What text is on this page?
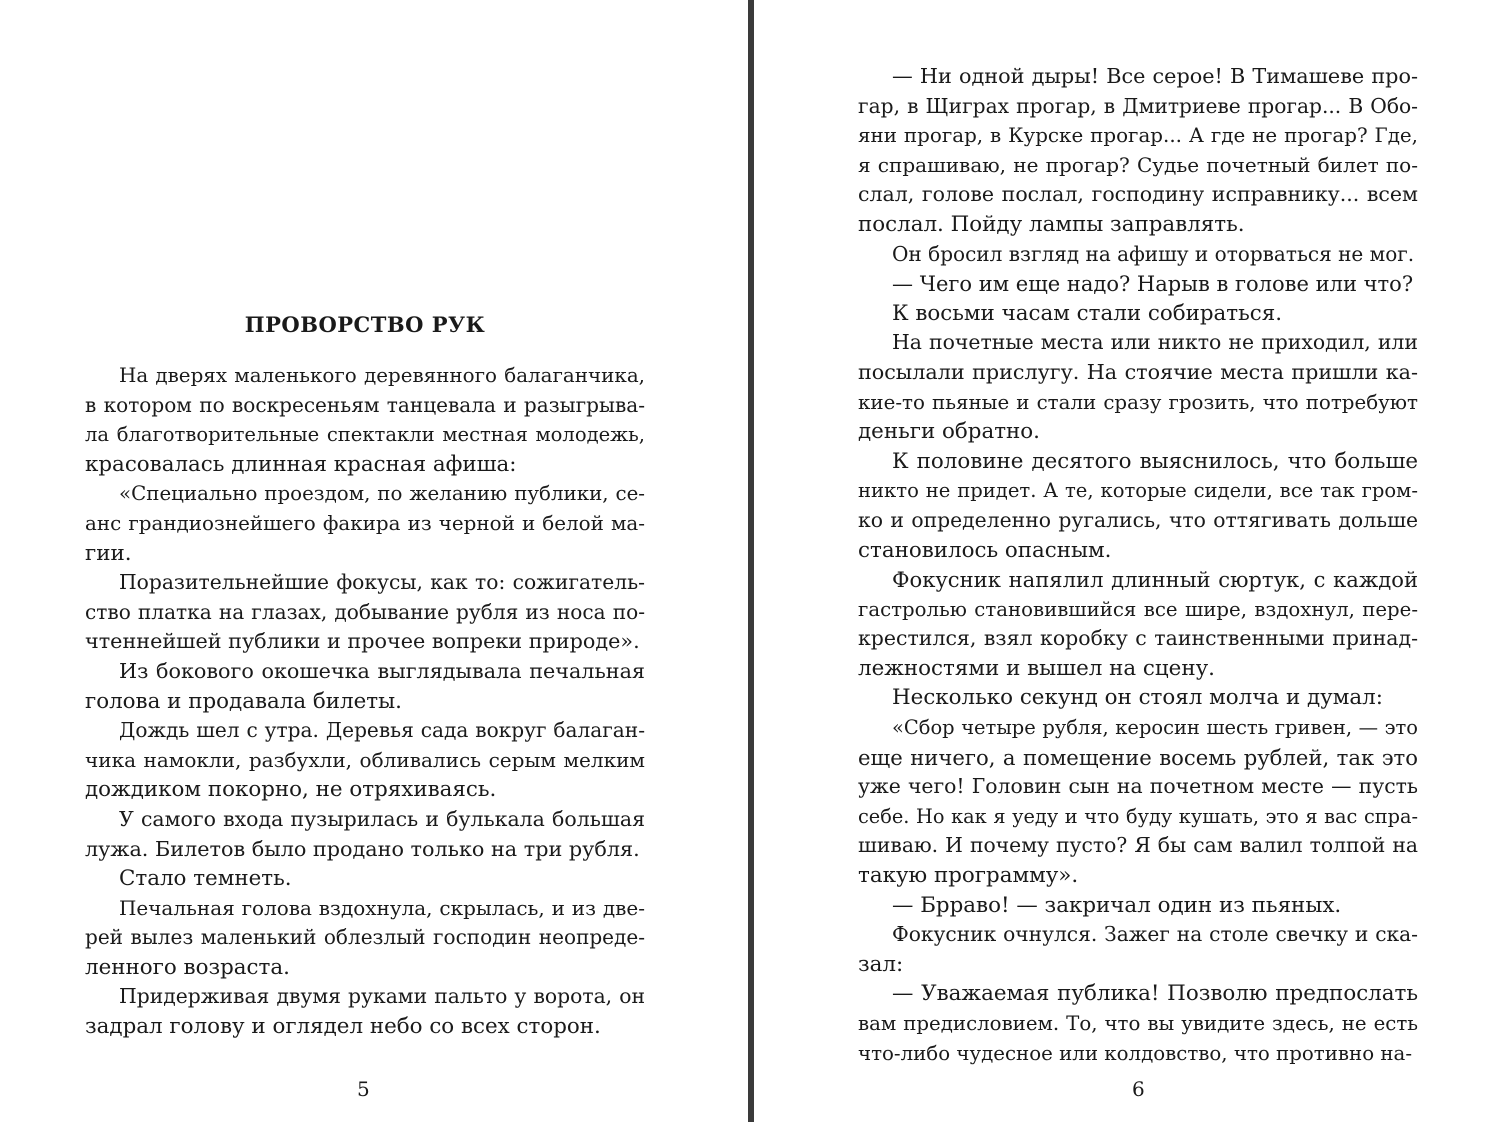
ПРОВОРСТВО РУК
На дверях маленького деревянного балаганчика,
в котором по воскресеньям танцевала и разыгрыва-
ла благотворительные спектакли местная молодежь,
красовалась длинная красная афиша:
«Специально проездом, по желанию публики, се-
анс грандиознейшего факира из черной и белой ма-
гии.
Поразительнейшие фокусы, как то: сожигатель-
ство платка на глазах, добывание рубля из носа по-
чтеннейшей публики и прочее вопреки природе».
Из бокового окошечка выглядывала печальная
голова и продавала билеты.
Дождь шел с утра. Деревья сада вокруг балаган-
чика намокли, разбухли, обливались серым мелким
дождиком покорно, не отряхиваясь.
У самого входа пузырилась и булькала большая
лужа. Билетов было продано только на три рубля.
Стало темнеть.
Печальная голова вздохнула, скрылась, и из две-
рей вылез маленький облезлый господин неопреде-
ленного возраста.
Придерживая двумя руками пальто у ворота, он
задрал голову и оглядел небо со всех сторон.
5
— Ни одной дыры! Все серое! В Тимашеве про-
гар, в Щиграх прогар, в Дмитриеве прогар... В Обо-
яни прогар, в Курске прогар... А где не прогар? Где,
я спрашиваю, не прогар? Судье почетный билет по-
слал, голове послал, господину исправнику... всем
послал. Пойду лампы заправлять.
Он бросил взгляд на афишу и оторваться не мог.
— Чего им еще надо? Нарыв в голове или что?
К восьми часам стали собираться.
На почетные места или никто не приходил, или
посылали прислугу. На стоячие места пришли ка-
кие-то пьяные и стали сразу грозить, что потребуют
деньги обратно.
К половине десятого выяснилось, что больше
никто не придет. А те, которые сидели, все так гром-
ко и определенно ругались, что оттягивать дольше
становилось опасным.
Фокусник напялил длинный сюртук, с каждой
гастролью становившийся все шире, вздохнул, пере-
крестился, взял коробку с таинственными принад-
лежностями и вышел на сцену.
Несколько секунд он стоял молча и думал:
«Сбор четыре рубля, керосин шесть гривен, — это
еще ничего, а помещение восемь рублей, так это
уже чего! Головин сын на почетном месте — пусть
себе. Но как я уеду и что буду кушать, это я вас спра-
шиваю. И почему пусто? Я бы сам валил толпой на
такую программу».
— Брраво! — закричал один из пьяных.
Фокусник очнулся. Зажег на столе свечку и ска-
зал:
— Уважаемая публика! Позволю предпослать
вам предисловием. То, что вы увидите здесь, не есть
что-либо чудесное или колдовство, что противно на-
6
